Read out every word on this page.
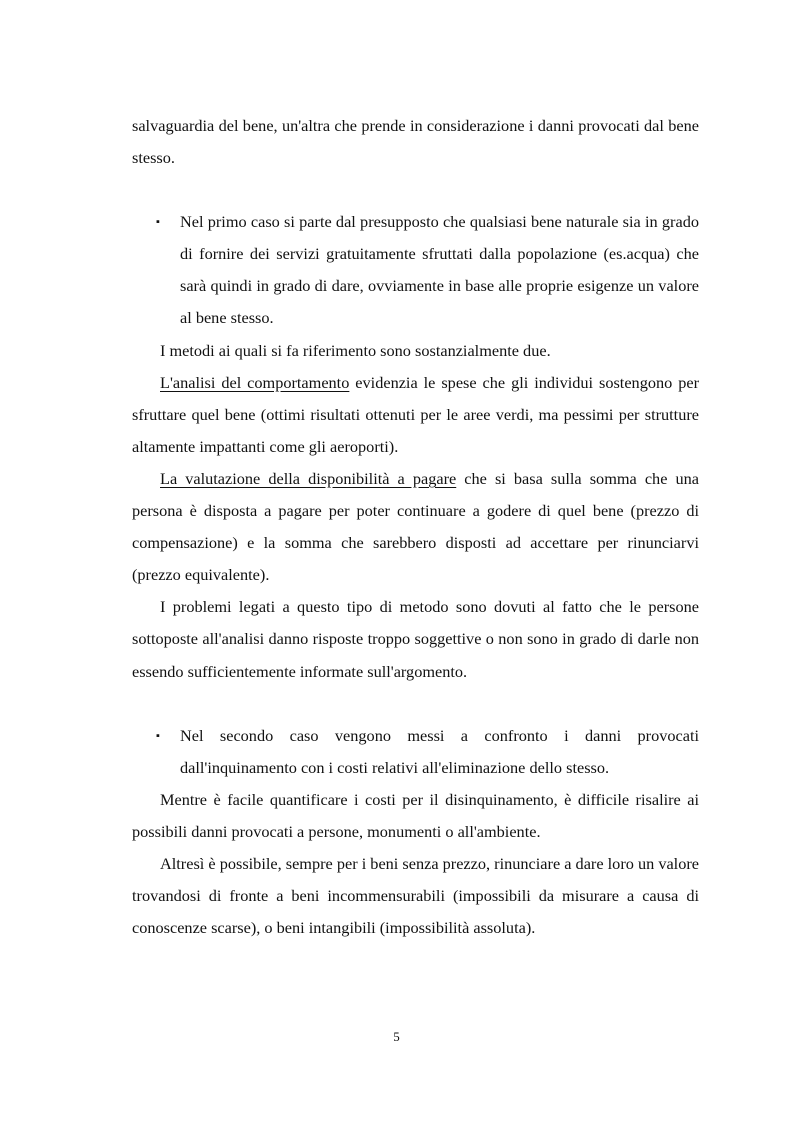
salvaguardia del bene, un'altra che prende in considerazione i danni provocati dal bene stesso.

▪	Nel primo caso si parte dal presupposto che qualsiasi bene naturale sia in grado di fornire dei servizi gratuitamente sfruttati dalla popolazione (es.acqua) che sarà quindi in grado di dare, ovviamente in base alle proprie esigenze un valore al bene stesso.

I metodi ai quali si fa riferimento sono sostanzialmente due.

L'analisi del comportamento evidenzia le spese che gli individui sostengono per sfruttare quel bene (ottimi risultati ottenuti per le aree verdi, ma pessimi per strutture altamente impattanti come gli aeroporti).

La valutazione della disponibilità a pagare che si basa sulla somma che una persona è disposta a pagare per poter continuare a godere di quel bene (prezzo di compensazione) e la somma che sarebbero disposti ad accettare per rinunciarvi (prezzo equivalente).

I problemi legati a questo tipo di metodo sono dovuti al fatto che le persone sottoposte all'analisi danno risposte troppo soggettive o non sono in grado di darle non essendo sufficientemente informate sull'argomento.

▪	Nel secondo caso vengono messi a confronto i danni provocati dall'inquinamento con i costi relativi all'eliminazione dello stesso.

Mentre è facile quantificare i costi per il disinquinamento, è difficile risalire ai possibili danni provocati a persone, monumenti o all'ambiente.

Altresì è possibile, sempre per i beni senza prezzo, rinunciare a dare loro un valore trovandosi di fronte a beni incommensurabili (impossibili da misurare a causa di conoscenze scarse), o beni intangibili (impossibilità assoluta).

5
